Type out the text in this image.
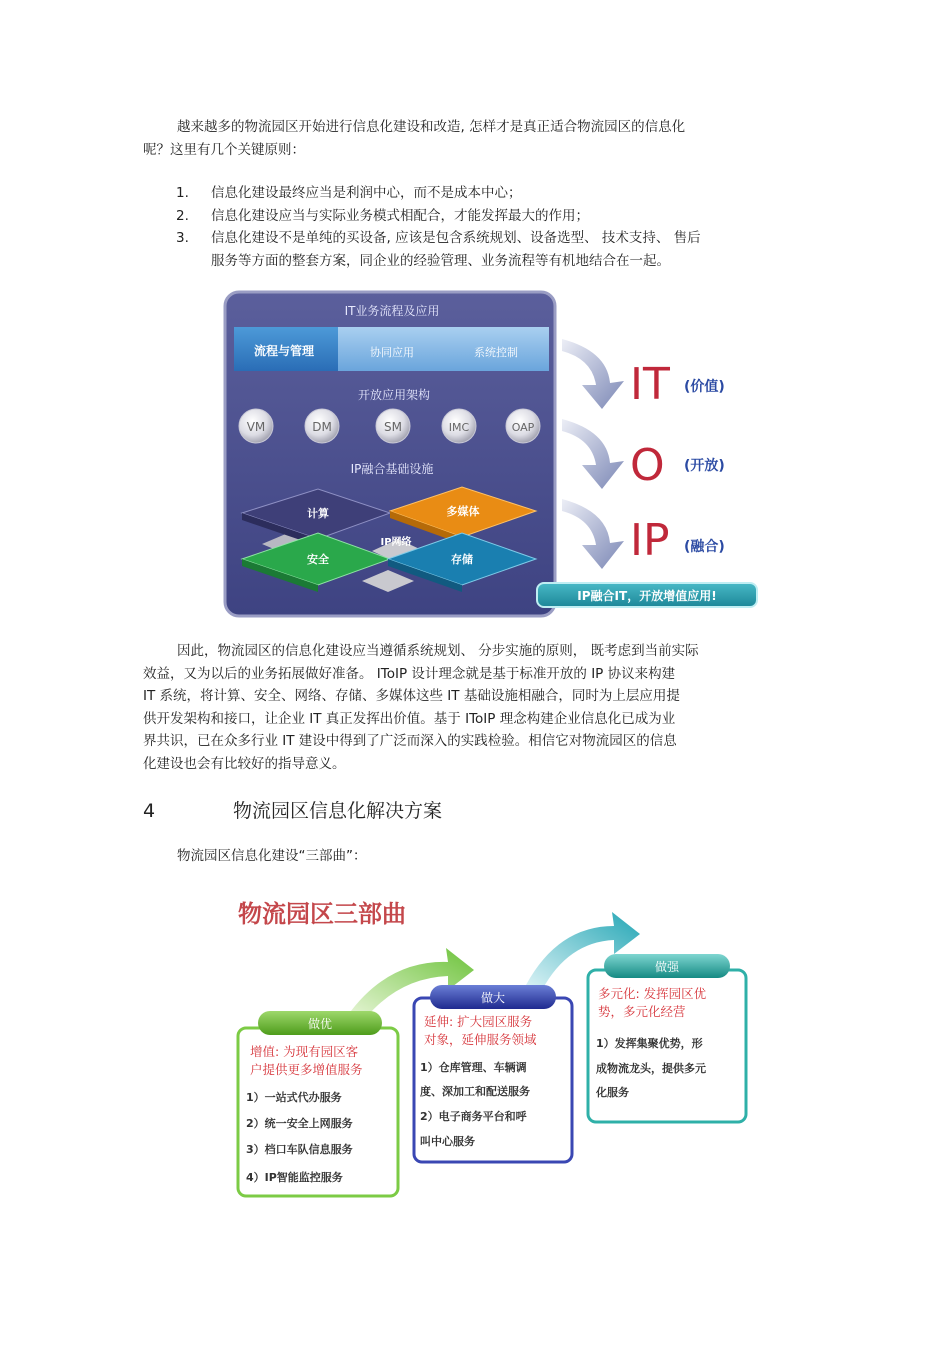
越来越多的物流园区开始进行信息化建设和改造, 怎样才是真正适合物流园区的信息化
呢？这里有几个关键原则：
1. 信息化建设最终应当是利润中心，而不是成本中心；
2. 信息化建设应当与实际业务模式相配合，才能发挥最大的作用；
3. 信息化建设不是单纯的买设备, 应该是包含系统规划、设备选型、 技术支持、 售后
服务等方面的整套方案，同企业的经验管理、业务流程等有机地结合在一起。
IT业务流程及应用
流程与管理	协同应用	系统控制
开放应用架构
VM	DM	SM	IMC	OAP
IP融合基础设施
计算	多媒体
安全	存储
IP网络
IT (价值)
O (开放)
IP (融合)
IP融合IT，开放增值应用!
因此，物流园区的信息化建设应当遵循系统规划、 分步实施的原则， 既考虑到当前实际
效益，又为以后的业务拓展做好准备。 IToIP 设计理念就是基于标准开放的 IP 协议来构建
IT 系统，将计算、安全、网络、存储、多媒体这些 IT 基础设施相融合，同时为上层应用提
供开发架构和接口，让企业 IT 真正发挥出价值。基于 IToIP 理念构建企业信息化已成为业
界共识，已在众多行业 IT 建设中得到了广泛而深入的实践检验。相信它对物流园区的信息
化建设也会有比较好的指导意义。
4	物流园区信息化解决方案
物流园区信息化建设“三部曲”：
物流园区三部曲
做优
增值: 为现有园区客
户提供更多增值服务
1）一站式代办服务
2）统一安全上网服务
3）档口车队信息服务
4）IP智能监控服务
做大
延伸: 扩大园区服务
对象，延伸服务领域
1）仓库管理、车辆调
度、深加工和配送服务
2）电子商务平台和呼
叫中心服务
做强
多元化: 发挥园区优
势，多元化经营
1）发挥集聚优势，形
成物流龙头，提供多元
化服务
